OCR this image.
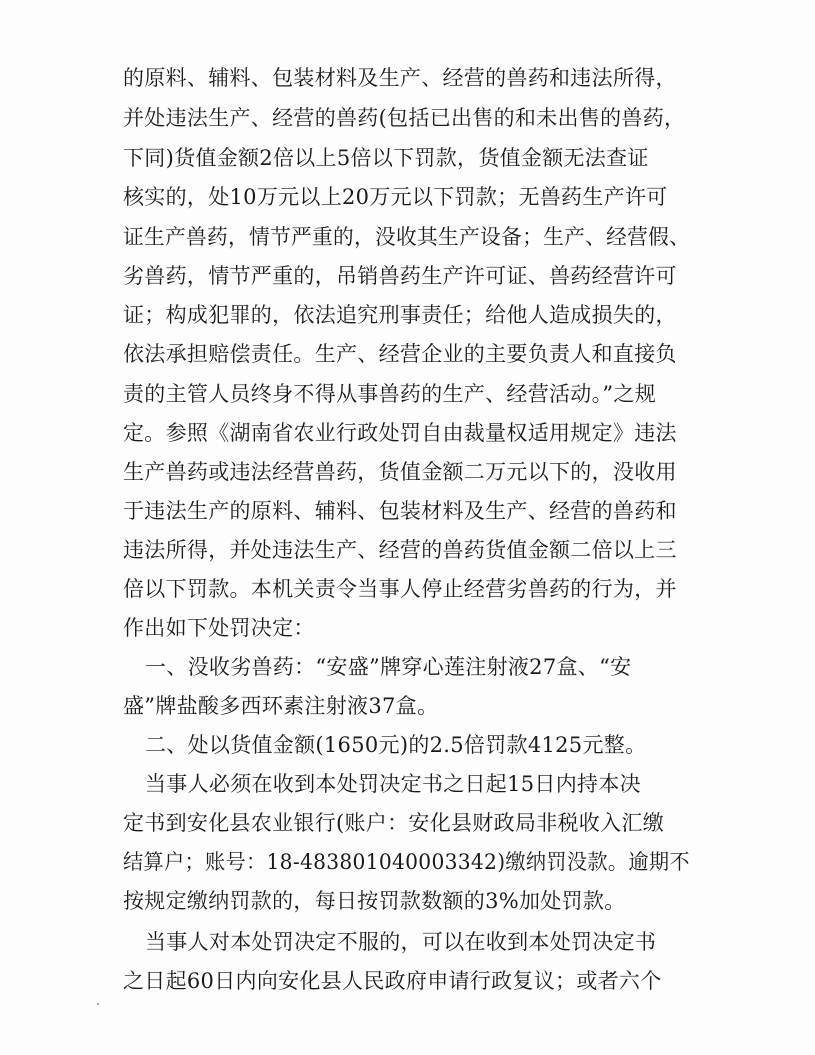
的原料、辅料、包装材料及生产、经营的兽药和违法所得，
并处违法生产、经营的兽药(包括已出售的和未出售的兽药，
下同)货值金额2倍以上5倍以下罚款，货值金额无法查证
核实的，处10万元以上20万元以下罚款；无兽药生产许可
证生产兽药，情节严重的，没收其生产设备；生产、经营假、
劣兽药，情节严重的，吊销兽药生产许可证、兽药经营许可
证；构成犯罪的，依法追究刑事责任；给他人造成损失的，
依法承担赔偿责任。生产、经营企业的主要负责人和直接负
责的主管人员终身不得从事兽药的生产、经营活动。”之规
定。参照《湖南省农业行政处罚自由裁量权适用规定》违法
生产兽药或违法经营兽药，货值金额二万元以下的，没收用
于违法生产的原料、辅料、包装材料及生产、经营的兽药和
违法所得，并处违法生产、经营的兽药货值金额二倍以上三
倍以下罚款。本机关责令当事人停止经营劣兽药的行为，并
作出如下处罚决定：
一、没收劣兽药：“安盛”牌穿心莲注射液27盒、“安
盛”牌盐酸多西环素注射液37盒。
二、处以货值金额(1650元)的2.5倍罚款4125元整。
当事人必须在收到本处罚决定书之日起15日内持本决
定书到安化县农业银行(账户：安化县财政局非税收入汇缴
结算户；账号：18-483801040003342)缴纳罚没款。逾期不
按规定缴纳罚款的，每日按罚款数额的3%加处罚款。
当事人对本处罚决定不服的，可以在收到本处罚决定书
之日起60日内向安化县人民政府申请行政复议；或者六个
